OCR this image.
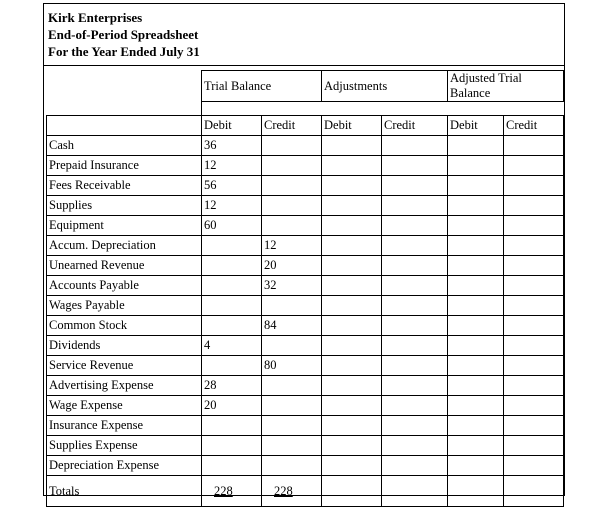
Kirk Enterprises
End-of-Period Spreadsheet
For the Year Ended July 31
	Trial Balance		Adjustments		Adjusted Trial Balance	

	Debit	Credit	Debit	Credit	Debit	Credit
Cash	36					
Prepaid Insurance	12					
Fees Receivable	56					
Supplies	12					
Equipment	60					
Accum. Depreciation		12				
Unearned Revenue		20				
Accounts Payable		32				
Wages Payable						
Common Stock		84				
Dividends	4					
Service Revenue		80				
Advertising Expense	28					
Wage Expense	20					
Insurance Expense						
Supplies Expense						
Depreciation Expense						
Totals	228	228				
